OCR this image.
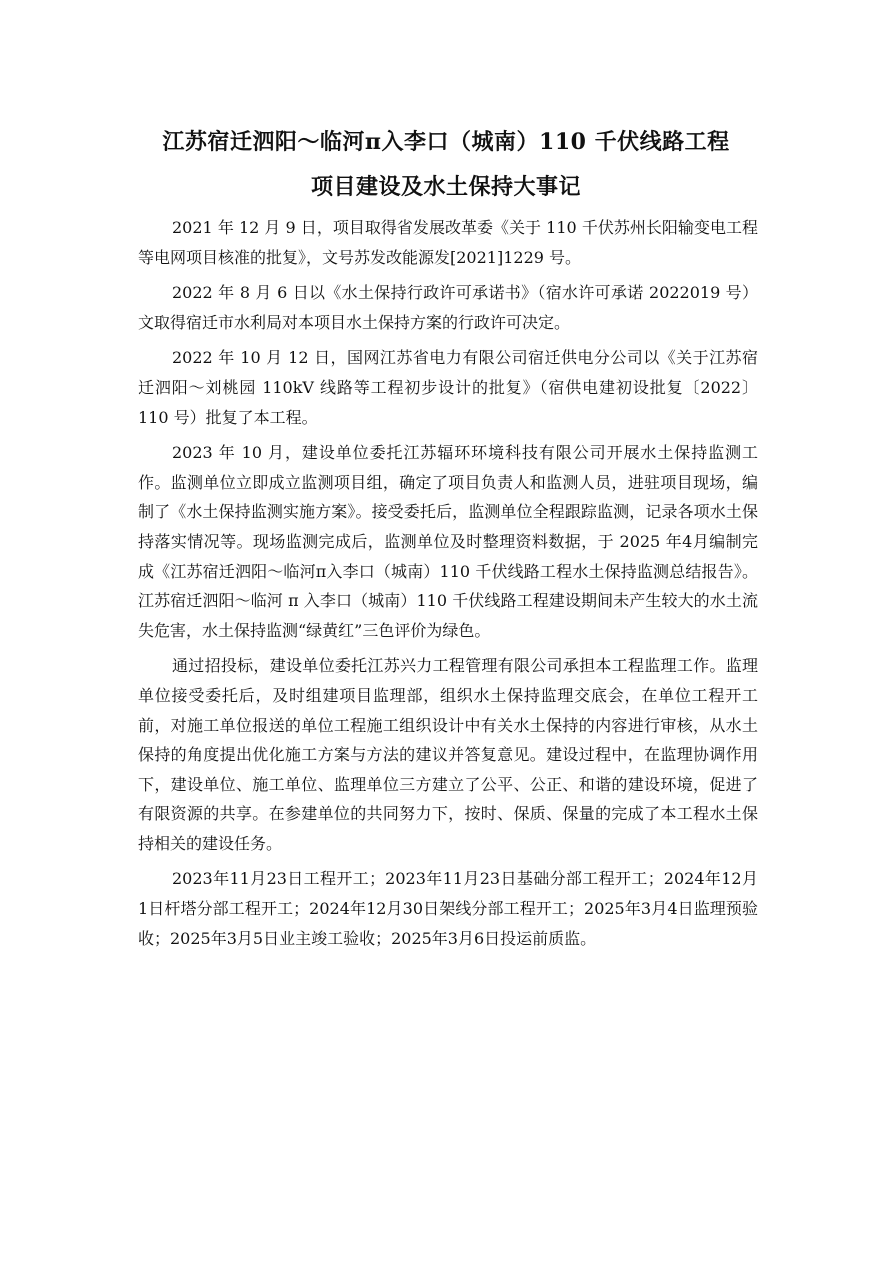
江苏宿迁泗阳～临河π入李口（城南）110 千伏线路工程
项目建设及水土保持大事记

2021 年 12 月 9 日，项目取得省发展改革委《关于 110 千伏苏州长阳输变电工程等电网项目核准的批复》，文号苏发改能源发[2021]1229 号。

2022 年 8 月 6 日以《水土保持行政许可承诺书》（宿水许可承诺 2022019 号）文取得宿迁市水利局对本项目水土保持方案的行政许可决定。

2022 年 10 月 12 日，国网江苏省电力有限公司宿迁供电分公司以《关于江苏宿迁泗阳～刘桃园 110kV 线路等工程初步设计的批复》（宿供电建初设批复〔2022〕110 号）批复了本工程。

2023 年 10 月，建设单位委托江苏辐环环境科技有限公司开展水土保持监测工作。监测单位立即成立监测项目组，确定了项目负责人和监测人员，进驻项目现场，编制了《水土保持监测实施方案》。接受委托后，监测单位全程跟踪监测，记录各项水土保持落实情况等。现场监测完成后，监测单位及时整理资料数据，于 2025 年4月编制完成《江苏宿迁泗阳～临河π入李口（城南）110 千伏线路工程水土保持监测总结报告》。江苏宿迁泗阳～临河 π 入李口（城南）110 千伏线路工程建设期间未产生较大的水土流失危害，水土保持监测“绿黄红”三色评价为绿色。

通过招投标，建设单位委托江苏兴力工程管理有限公司承担本工程监理工作。监理单位接受委托后，及时组建项目监理部，组织水土保持监理交底会，在单位工程开工前，对施工单位报送的单位工程施工组织设计中有关水土保持的内容进行审核，从水土保持的角度提出优化施工方案与方法的建议并答复意见。建设过程中，在监理协调作用下，建设单位、施工单位、监理单位三方建立了公平、公正、和谐的建设环境，促进了有限资源的共享。在参建单位的共同努力下，按时、保质、保量的完成了本工程水土保持相关的建设任务。

2023年11月23日工程开工；2023年11月23日基础分部工程开工；2024年12月1日杆塔分部工程开工；2024年12月30日架线分部工程开工；2025年3月4日监理预验收；2025年3月5日业主竣工验收；2025年3月6日投运前质监。
